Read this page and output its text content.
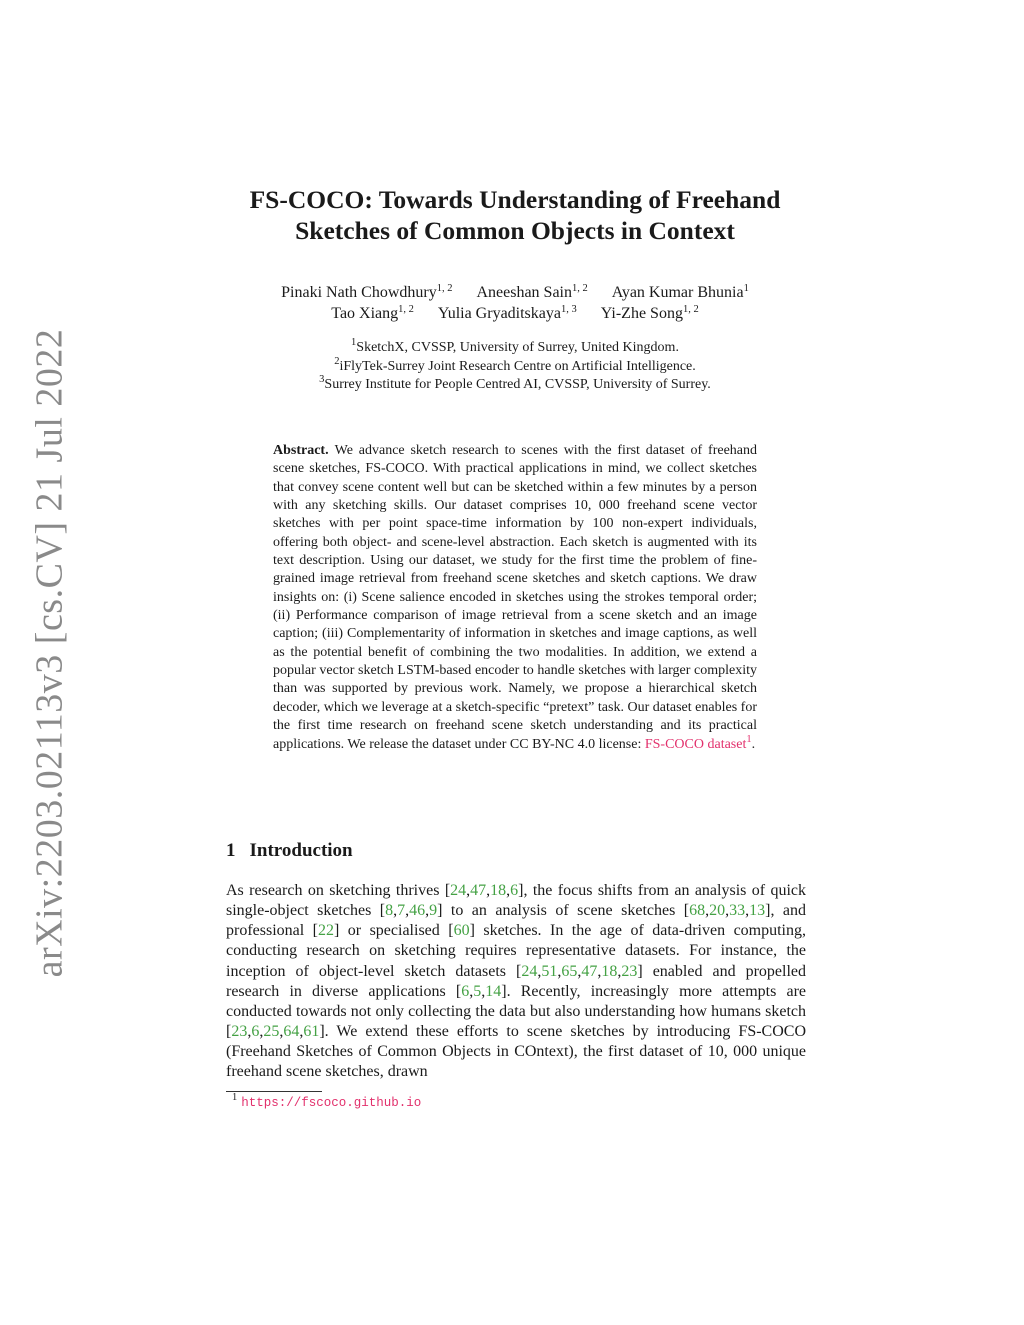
arXiv:2203.02113v3 [cs.CV] 21 Jul 2022
FS-COCO: Towards Understanding of Freehand
Sketches of Common Objects in Context
Pinaki Nath Chowdhury$^{1, 2}$ Aneeshan Sain$^{1, 2}$ Ayan Kumar Bhunia$^1$
Tao Xiang$^{1, 2}$ Yulia Gryaditskaya$^{1, 3}$ Yi-Zhe Song$^{1, 2}$
$^1$SketchX, CVSSP, University of Surrey, United Kingdom.
$^2$iFlyTek-Surrey Joint Research Centre on Artificial Intelligence.
$^3$Surrey Institute for People Centred AI, CVSSP, University of Surrey.

Abstract. We advance sketch research to scenes with the first dataset of freehand scene sketches, FS-COCO. With practical applications in mind, we collect sketches that convey scene content well but can be sketched within a few minutes by a person with any sketching skills. Our dataset comprises 10, 000 freehand scene vector sketches with per point space-time information by 100 non-expert individuals, offering both object- and scene-level abstraction. Each sketch is augmented with its text description. Using our dataset, we study for the first time the problem of fine-grained image retrieval from freehand scene sketches and sketch captions. We draw insights on: (i) Scene salience encoded in sketches using the strokes temporal order; (ii) Performance comparison of image retrieval from a scene sketch and an image caption; (iii) Complementarity of information in sketches and image captions, as well as the potential benefit of combining the two modalities. In addition, we extend a popular vector sketch LSTM-based encoder to handle sketches with larger complexity than was supported by previous work. Namely, we propose a hierarchical sketch decoder, which we leverage at a sketch-specific “pretext” task. Our dataset enables for the first time research on freehand scene sketch understanding and its practical applications. We release the dataset under CC BY-NC 4.0 license: FS-COCO dataset$^1$.

1 Introduction

As research on sketching thrives [24,47,18,6], the focus shifts from an analysis of quick single-object sketches [8,7,46,9] to an analysis of scene sketches [68,20,33,13], and professional [22] or specialised [60] sketches. In the age of data-driven computing, conducting research on sketching requires representative datasets. For instance, the inception of object-level sketch datasets [24,51,65,47,18,23] enabled and propelled research in diverse applications [6,5,14]. Recently, increasingly more attempts are conducted towards not only collecting the data but also understanding how humans sketch [23,6,25,64,61]. We extend these efforts to scene sketches by introducing FS-COCO (Freehand Sketches of Common Objects in COntext), the first dataset of 10, 000 unique freehand scene sketches, drawn

$^1$ https://fscoco.github.io
